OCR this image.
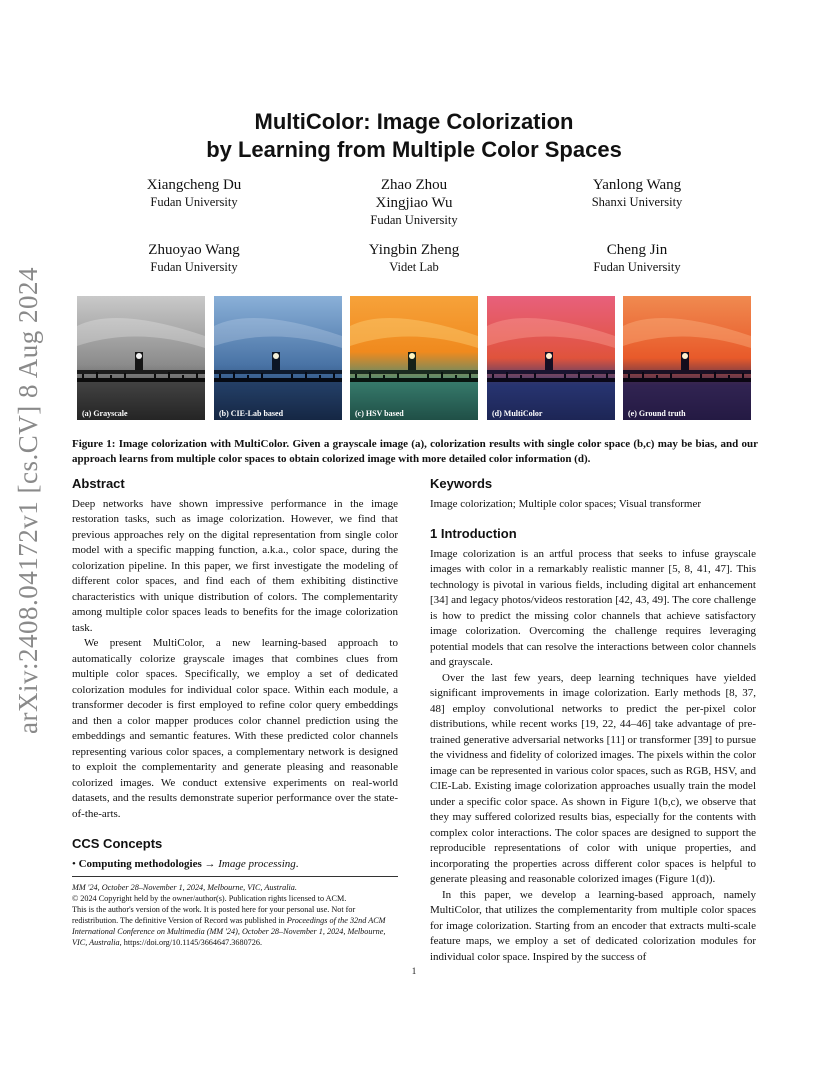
arXiv:2408.04172v1 [cs.CV] 8 Aug 2024
MultiColor: Image Colorization
by Learning from Multiple Color Spaces
Xiangcheng Du
Fudan University
Zhao Zhou
Xingjiao Wu
Fudan University
Yanlong Wang
Shanxi University
Zhuoyao Wang
Fudan University
Yingbin Zheng
Videt Lab
Cheng Jin
Fudan University
(a) Grayscale	(b) CIE-Lab based	(c) HSV based	(d) MultiColor	(e) Ground truth
Figure 1: Image colorization with MultiColor. Given a grayscale image (a), colorization results with single color space (b,c) may be bias, and our approach learns from multiple color spaces to obtain colorized image with more detailed color information (d).
Abstract

Deep networks have shown impressive performance in the image restoration tasks, such as image colorization. However, we find that previous approaches rely on the digital representation from single color model with a specific mapping function, a.k.a., color space, during the colorization pipeline. In this paper, we first investigate the modeling of different color spaces, and find each of them exhibiting distinctive characteristics with unique distribution of colors. The complementarity among multiple color spaces leads to benefits for the image colorization task.

We present MultiColor, a new learning-based approach to automatically colorize grayscale images that combines clues from multiple color spaces. Specifically, we employ a set of dedicated colorization modules for individual color space. Within each module, a transformer decoder is first employed to refine color query embeddings and then a color mapper produces color channel prediction using the embeddings and semantic features. With these predicted color channels representing various color spaces, a complementary network is designed to exploit the complementarity and generate pleasing and reasonable colorized images. We conduct extensive experiments on real-world datasets, and the results demonstrate superior performance over the state-of-the-arts.

CCS Concepts
• Computing methodologies → Image processing.

MM '24, October 28–November 1, 2024, Melbourne, VIC, Australia.

© 2024 Copyright held by the owner/author(s). Publication rights licensed to ACM.

This is the author's version of the work. It is posted here for your personal use. Not for redistribution. The definitive Version of Record was published in Proceedings of the 32nd ACM International Conference on Multimedia (MM '24), October 28–November 1, 2024, Melbourne, VIC, Australia, https://doi.org/10.1145/3664647.3680726.

Keywords

Image colorization; Multiple color spaces; Visual transformer

1 Introduction

Image colorization is an artful process that seeks to infuse grayscale images with color in a remarkably realistic manner [5, 8, 41, 47]. This technology is pivotal in various fields, including digital art enhancement [34] and legacy photos/videos restoration [42, 43, 49]. The core challenge is how to predict the missing color channels that achieve satisfactory image colorization. Overcoming the challenge requires leveraging potential models that can resolve the interactions between color channels and grayscale.

Over the last few years, deep learning techniques have yielded significant improvements in image colorization. Early methods [8, 37, 48] employ convolutional networks to predict the per-pixel color distributions, while recent works [19, 22, 44–46] take advantage of pre-trained generative adversarial networks [11] or transformer [39] to pursue the vividness and fidelity of colorized images. The pixels within the color image can be represented in various color spaces, such as RGB, HSV, and CIE-Lab. Existing image colorization approaches usually train the model under a specific color space. As shown in Figure 1(b,c), we observe that they may suffered colorized results bias, especially for the contents with complex color interactions. The color spaces are designed to support the reproducible representations of color with unique properties, and incorporating the properties across different color spaces is helpful to generate pleasing and reasonable colorized images (Figure 1(d)).

In this paper, we develop a learning-based approach, namely MultiColor, that utilizes the complementarity from multiple color spaces for image colorization. Starting from an encoder that extracts multi-scale feature maps, we employ a set of dedicated colorization modules for individual color space. Inspired by the success of

1
